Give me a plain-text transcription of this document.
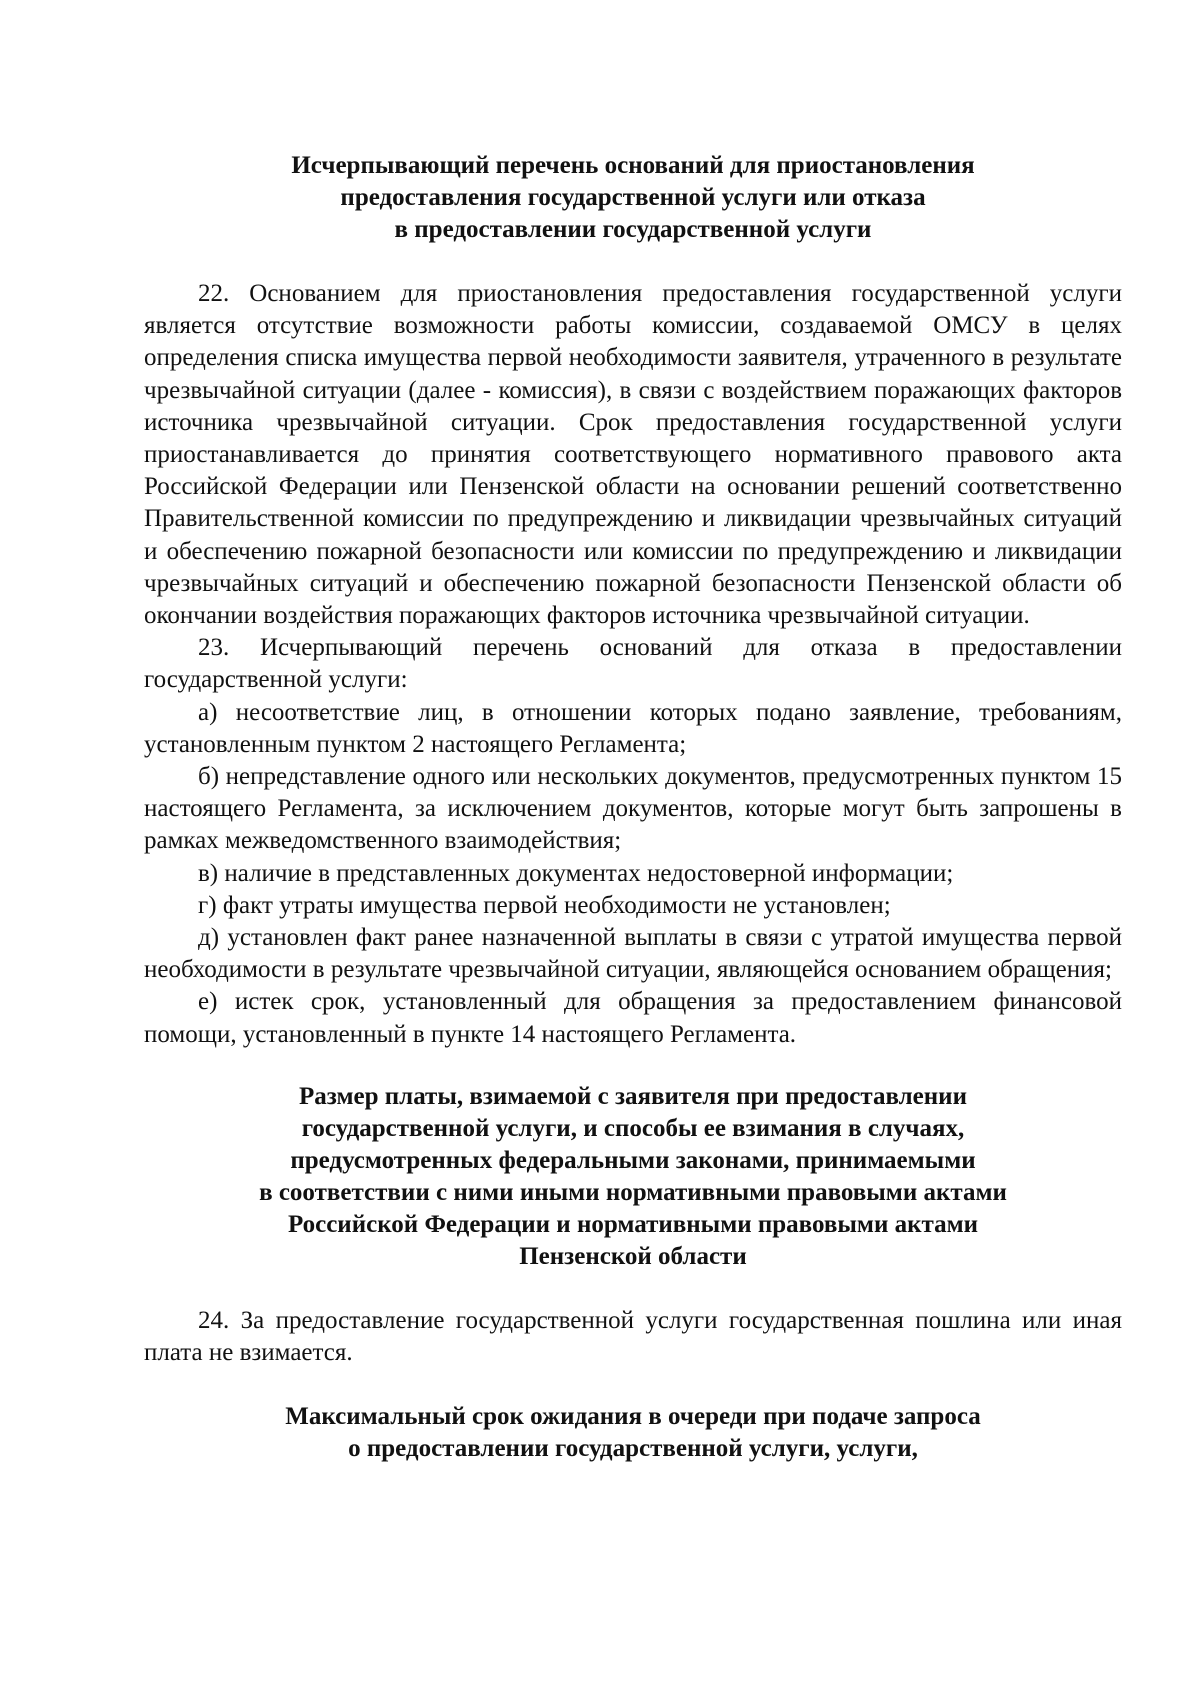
Исчерпывающий перечень оснований для приостановления
предоставления государственной услуги или отказа
в предоставлении государственной услуги

22. Основанием для приостановления предоставления государственной услуги является отсутствие возможности работы комиссии, создаваемой ОМСУ в целях определения списка имущества первой необходимости заявителя, утраченного в результате чрезвычайной ситуации (далее - комиссия), в связи с воздействием поражающих факторов источника чрезвычайной ситуации. Срок предоставления государственной услуги приостанавливается до принятия соответствующего нормативного правового акта Российской Федерации или Пензенской области на основании решений соответственно Правительственной комиссии по предупреждению и ликвидации чрезвычайных ситуаций и обеспечению пожарной безопасности или комиссии по предупреждению и ликвидации чрезвычайных ситуаций и обеспечению пожарной безопасности Пензенской области об окончании воздействия поражающих факторов источника чрезвычайной ситуации.

23. Исчерпывающий перечень оснований для отказа в предоставлении государственной услуги:

а) несоответствие лиц, в отношении которых подано заявление, требованиям, установленным пунктом 2 настоящего Регламента;

б) непредставление одного или нескольких документов, предусмотренных пунктом 15 настоящего Регламента, за исключением документов, которые могут быть запрошены в рамках межведомственного взаимодействия;

в) наличие в представленных документах недостоверной информации;

г) факт утраты имущества первой необходимости не установлен;

д) установлен факт ранее назначенной выплаты в связи с утратой имущества первой необходимости в результате чрезвычайной ситуации, являющейся основанием обращения;

е) истек срок, установленный для обращения за предоставлением финансовой помощи, установленный в пункте 14 настоящего Регламента.

Размер платы, взимаемой с заявителя при предоставлении
государственной услуги, и способы ее взимания в случаях,
предусмотренных федеральными законами, принимаемыми
в соответствии с ними иными нормативными правовыми актами
Российской Федерации и нормативными правовыми актами
Пензенской области

24. За предоставление государственной услуги государственная пошлина или иная плата не взимается.

Максимальный срок ожидания в очереди при подаче запроса
о предоставлении государственной услуги, услуги,
